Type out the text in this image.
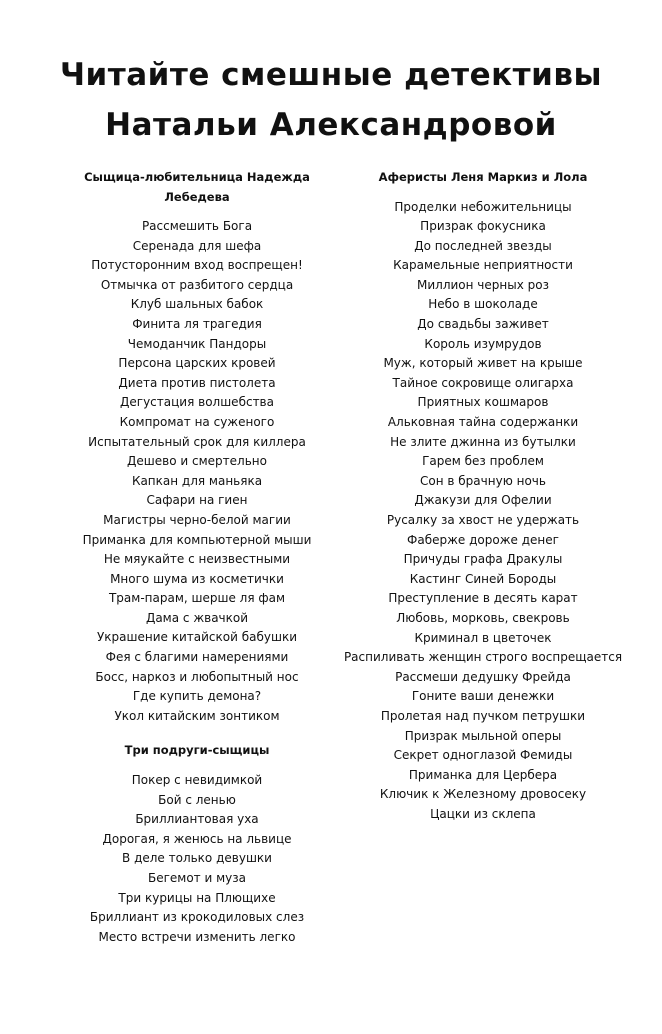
Читайте смешные детективы
Натальи Александровой
Сыщица-любительница Надежда Лебедева
Рассмешить Бога
Серенада для шефа
Потусторонним вход воспрещен!
Отмычка от разбитого сердца
Клуб шальных бабок
Финита ля трагедия
Чемоданчик Пандоры
Персона царских кровей
Диета против пистолета
Дегустация волшебства
Компромат на суженого
Испытательный срок для киллера
Дешево и смертельно
Капкан для маньяка
Сафари на гиен
Магистры черно-белой магии
Приманка для компьютерной мыши
Не мяукайте с неизвестными
Много шума из косметички
Трам-парам, шерше ля фам
Дама с жвачкой
Украшение китайской бабушки
Фея с благими намерениями
Босс, наркоз и любопытный нос
Где купить демона?
Укол китайским зонтиком
Три подруги-сыщицы
Покер с невидимкой
Бой с ленью
Бриллиантовая уха
Дорогая, я женюсь на львице
В деле только девушки
Бегемот и муза
Три курицы на Плющихе
Бриллиант из крокодиловых слез
Место встречи изменить легко
Аферисты Леня Маркиз и Лола
Проделки небожительницы
Призрак фокусника
До последней звезды
Карамельные неприятности
Миллион черных роз
Небо в шоколаде
До свадьбы заживет
Король изумрудов
Муж, который живет на крыше
Тайное сокровище олигарха
Приятных кошмаров
Альковная тайна содержанки
Не злите джинна из бутылки
Гарем без проблем
Сон в брачную ночь
Джакузи для Офелии
Русалку за хвост не удержать
Фаберже дороже денег
Причуды графа Дракулы
Кастинг Синей Бороды
Преступление в десять карат
Любовь, морковь, свекровь
Криминал в цветочек
Распиливать женщин строго воспрещается
Рассмеши дедушку Фрейда
Гоните ваши денежки
Пролетая над пучком петрушки
Призрак мыльной оперы
Секрет одноглазой Фемиды
Приманка для Цербера
Ключик к Железному дровосеку
Цацки из склепа
